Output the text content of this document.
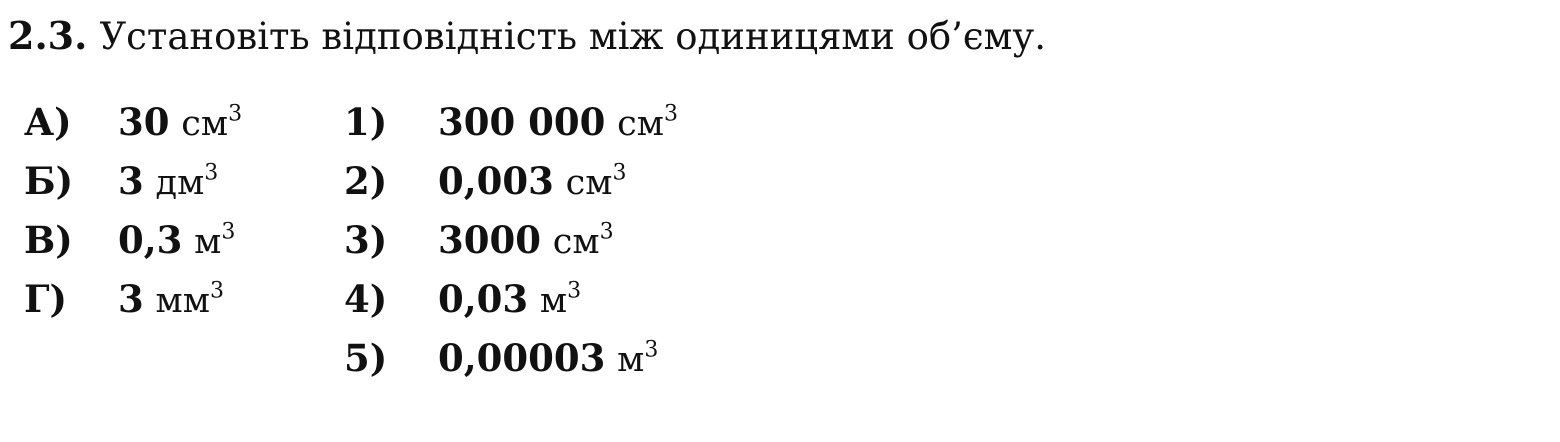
2.3. Установіть відповідність між одиницями об’єму.
А)	30 $см^3$
Б)	3 $дм^3$
В)	0,3 $м^3$
Г)	3 $мм^3$
1)	300 000 $см^3$
2)	0,003 $см^3$
3)	3000 $см^3$
4)	0,03 $м^3$
5)	0,00003 $м^3$
